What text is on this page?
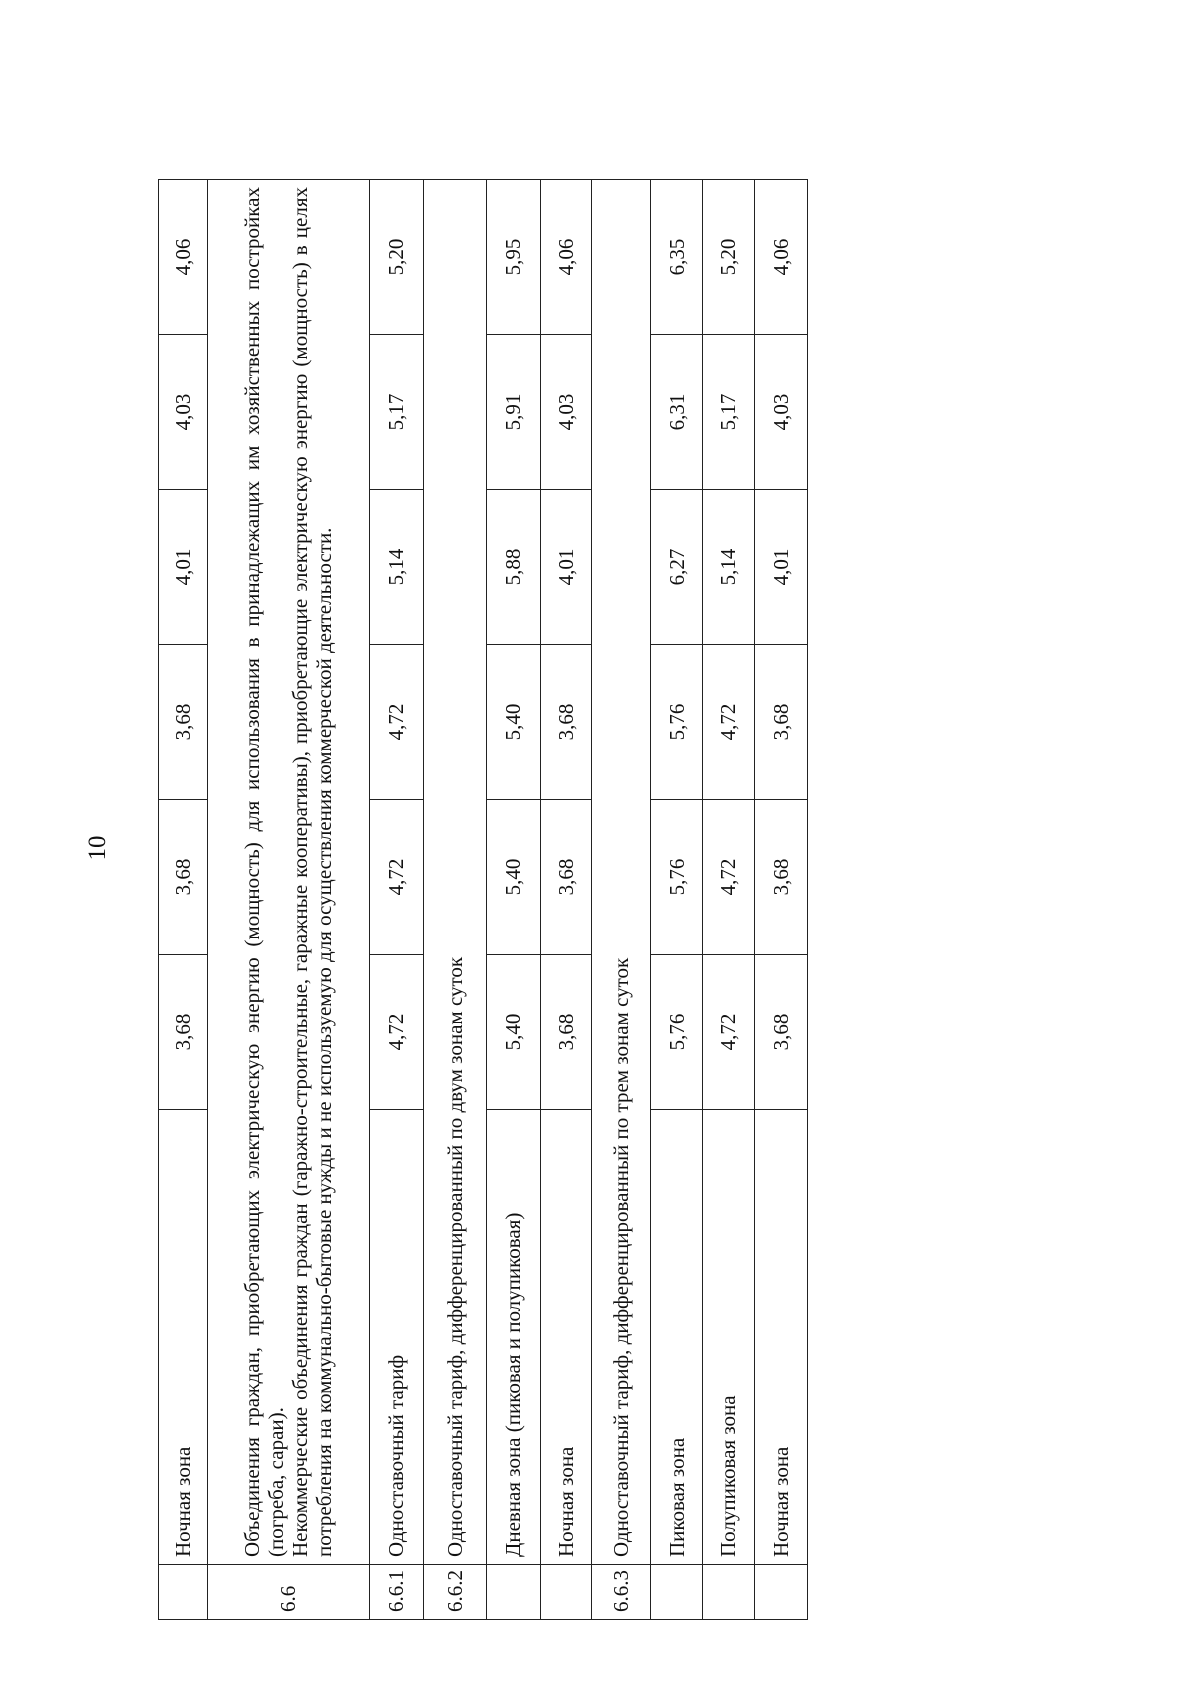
10
	Ночная зона	3,68	3,68	3,68	4,01	4,03	4,06
6.6	Объединения граждан, приобретающих электрическую энергию (мощность) для использования в принадлежащих им хозяйственных постройках (погреба, сараи). Некоммерческие объединения граждан (гаражно-строительные, гаражные кооперативы), приобретающие электрическую энергию (мощность) в целях потребления на коммунально-бытовые нужды и не используемую для осуществления коммерческой деятельности.						

6.6.1	Одноставочный тариф	4,72	4,72	4,72	5,14	5,17	5,20
6.6.2	Одноставочный тариф, дифференцированный по двум зонам суток						
	Дневная зона (пиковая и полупиковая)	5,40	5,40	5,40	5,88	5,91	5,95
	Ночная зона	3,68	3,68	3,68	4,01	4,03	4,06
6.6.3	Одноставочный тариф, дифференцированный по трем зонам суток						
	Пиковая зона	5,76	5,76	5,76	6,27	6,31	6,35
	Полупиковая зона	4,72	4,72	4,72	5,14	5,17	5,20
	Ночная зона	3,68	3,68	3,68	4,01	4,03	4,06
